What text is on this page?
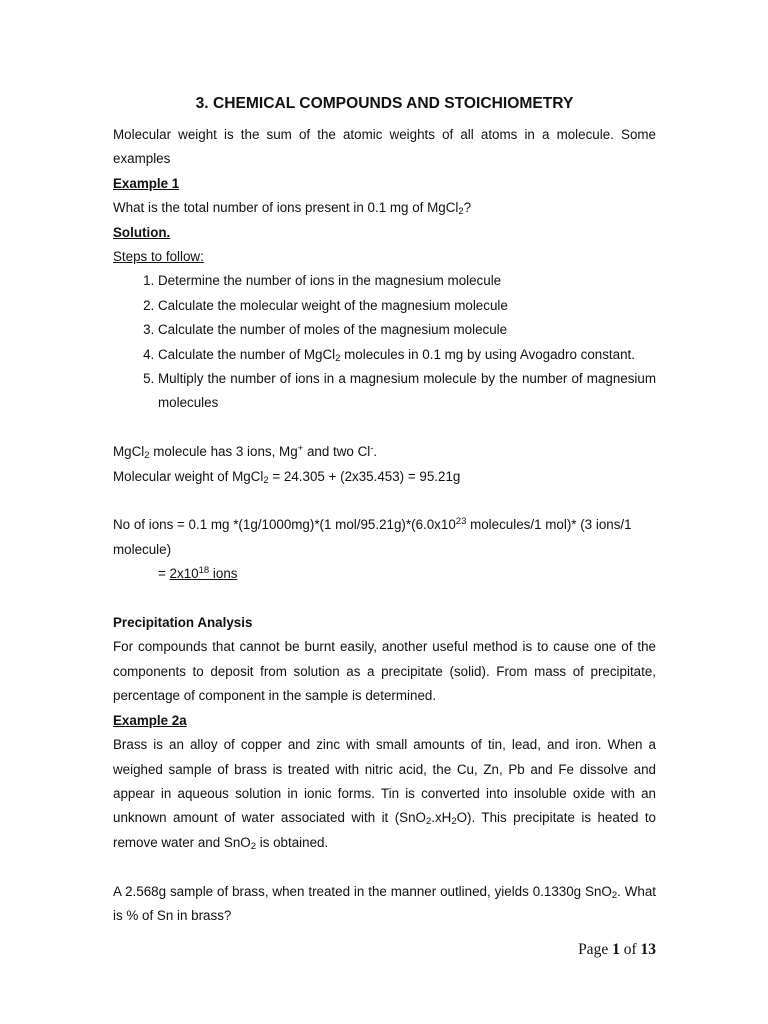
3. CHEMICAL COMPOUNDS AND STOICHIOMETRY

Molecular weight is the sum of the atomic weights of all atoms in a molecule. Some examples

Example 1

What is the total number of ions present in 0.1 mg of MgCl$_2$?

Solution.

Steps to follow:

1. Determine the number of ions in the magnesium molecule
2. Calculate the molecular weight of the magnesium molecule
3. Calculate the number of moles of the magnesium molecule
4. Calculate the number of MgCl$_2$ molecules in 0.1 mg by using Avogadro constant.
5. Multiply the number of ions in a magnesium molecule by the number of magnesium molecules

MgCl$_2$ molecule has 3 ions, Mg+ and two Cl-.

Molecular weight of MgCl$_2$ = 24.305 + (2x35.453) = 95.21g

No of ions = 0.1 mg *(1g/1000mg)*(1 mol/$95.21g)*(6.0x10^{23}$ molecules/1 mol)* (3 ions/1 molecule)

= $2x10^{18}$ ions

Precipitation Analysis

For compounds that cannot be burnt easily, another useful method is to cause one of the components to deposit from solution as a precipitate (solid). From mass of precipitate, percentage of component in the sample is determined.

Example 2a

Brass is an alloy of copper and zinc with small amounts of tin, lead, and iron. When a weighed sample of brass is treated with nitric acid, the Cu, Zn, Pb and Fe dissolve and appear in aqueous solution in ionic forms. Tin is converted into insoluble oxide with an unknown amount of water associated with it $(SnO_2.xH_2O)$. This precipitate is heated to remove water and SnO$_2$ is obtained.

A 2.568g sample of brass, when treated in the manner outlined, yields 0.1330g SnO$_2$. What is % of Sn in brass?

Page 1 of 13
